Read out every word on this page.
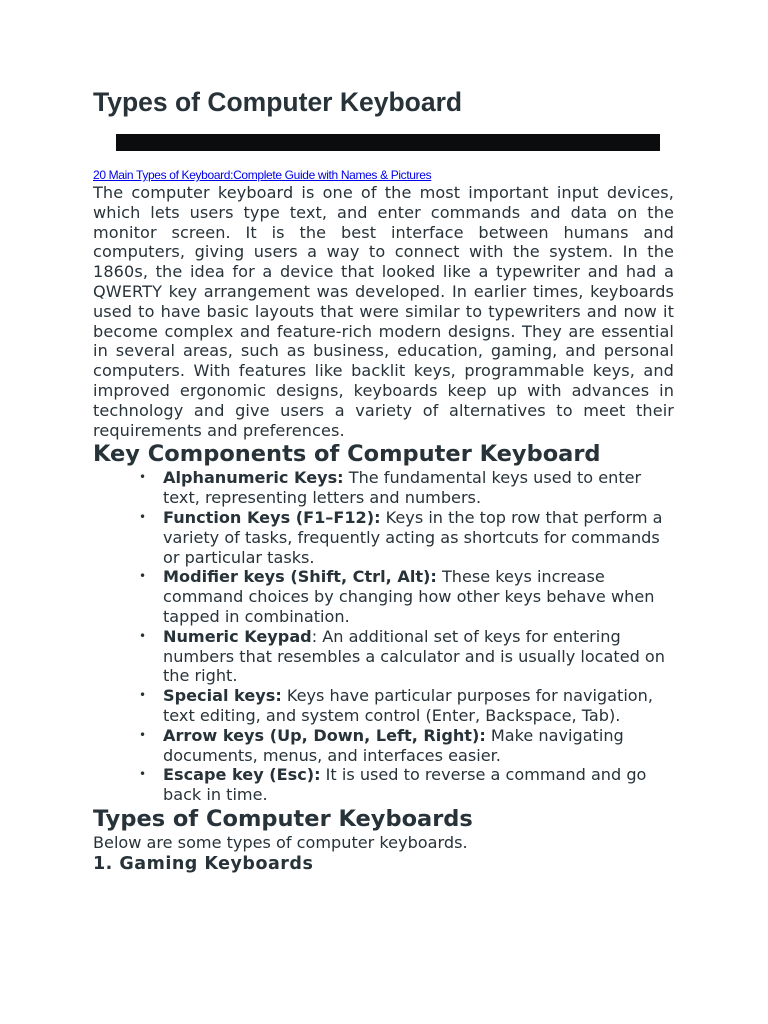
Types of Computer Keyboard
20 Main Types of Keyboard:Complete Guide with Names & Pictures

The computer keyboard is one of the most important input devices, which lets users type text, and enter commands and data on the monitor screen. It is the best interface between humans and computers, giving users a way to connect with the system. In the 1860s, the idea for a device that looked like a typewriter and had a QWERTY key arrangement was developed. In earlier times, keyboards used to have basic layouts that were similar to typewriters and now it become complex and feature-rich modern designs. They are essential in several areas, such as business, education, gaming, and personal computers. With features like backlit keys, programmable keys, and improved ergonomic designs, keyboards keep up with advances in technology and give users a variety of alternatives to meet their requirements and preferences.

Key Components of Computer Keyboard
• Alphanumeric Keys: The fundamental keys used to enter text, representing letters and numbers.
• Function Keys (F1–F12): Keys in the top row that perform a variety of tasks, frequently acting as shortcuts for commands or particular tasks.
• Modifier keys (Shift, Ctrl, Alt): These keys increase command choices by changing how other keys behave when tapped in combination.
• Numeric Keypad: An additional set of keys for entering numbers that resembles a calculator and is usually located on the right.
• Special keys: Keys have particular purposes for navigation, text editing, and system control (Enter, Backspace, Tab).
• Arrow keys (Up, Down, Left, Right): Make navigating documents, menus, and interfaces easier.
• Escape key (Esc): It is used to reverse a command and go back in time.
Types of Computer Keyboards

Below are some types of computer keyboards.

1. Gaming Keyboards
